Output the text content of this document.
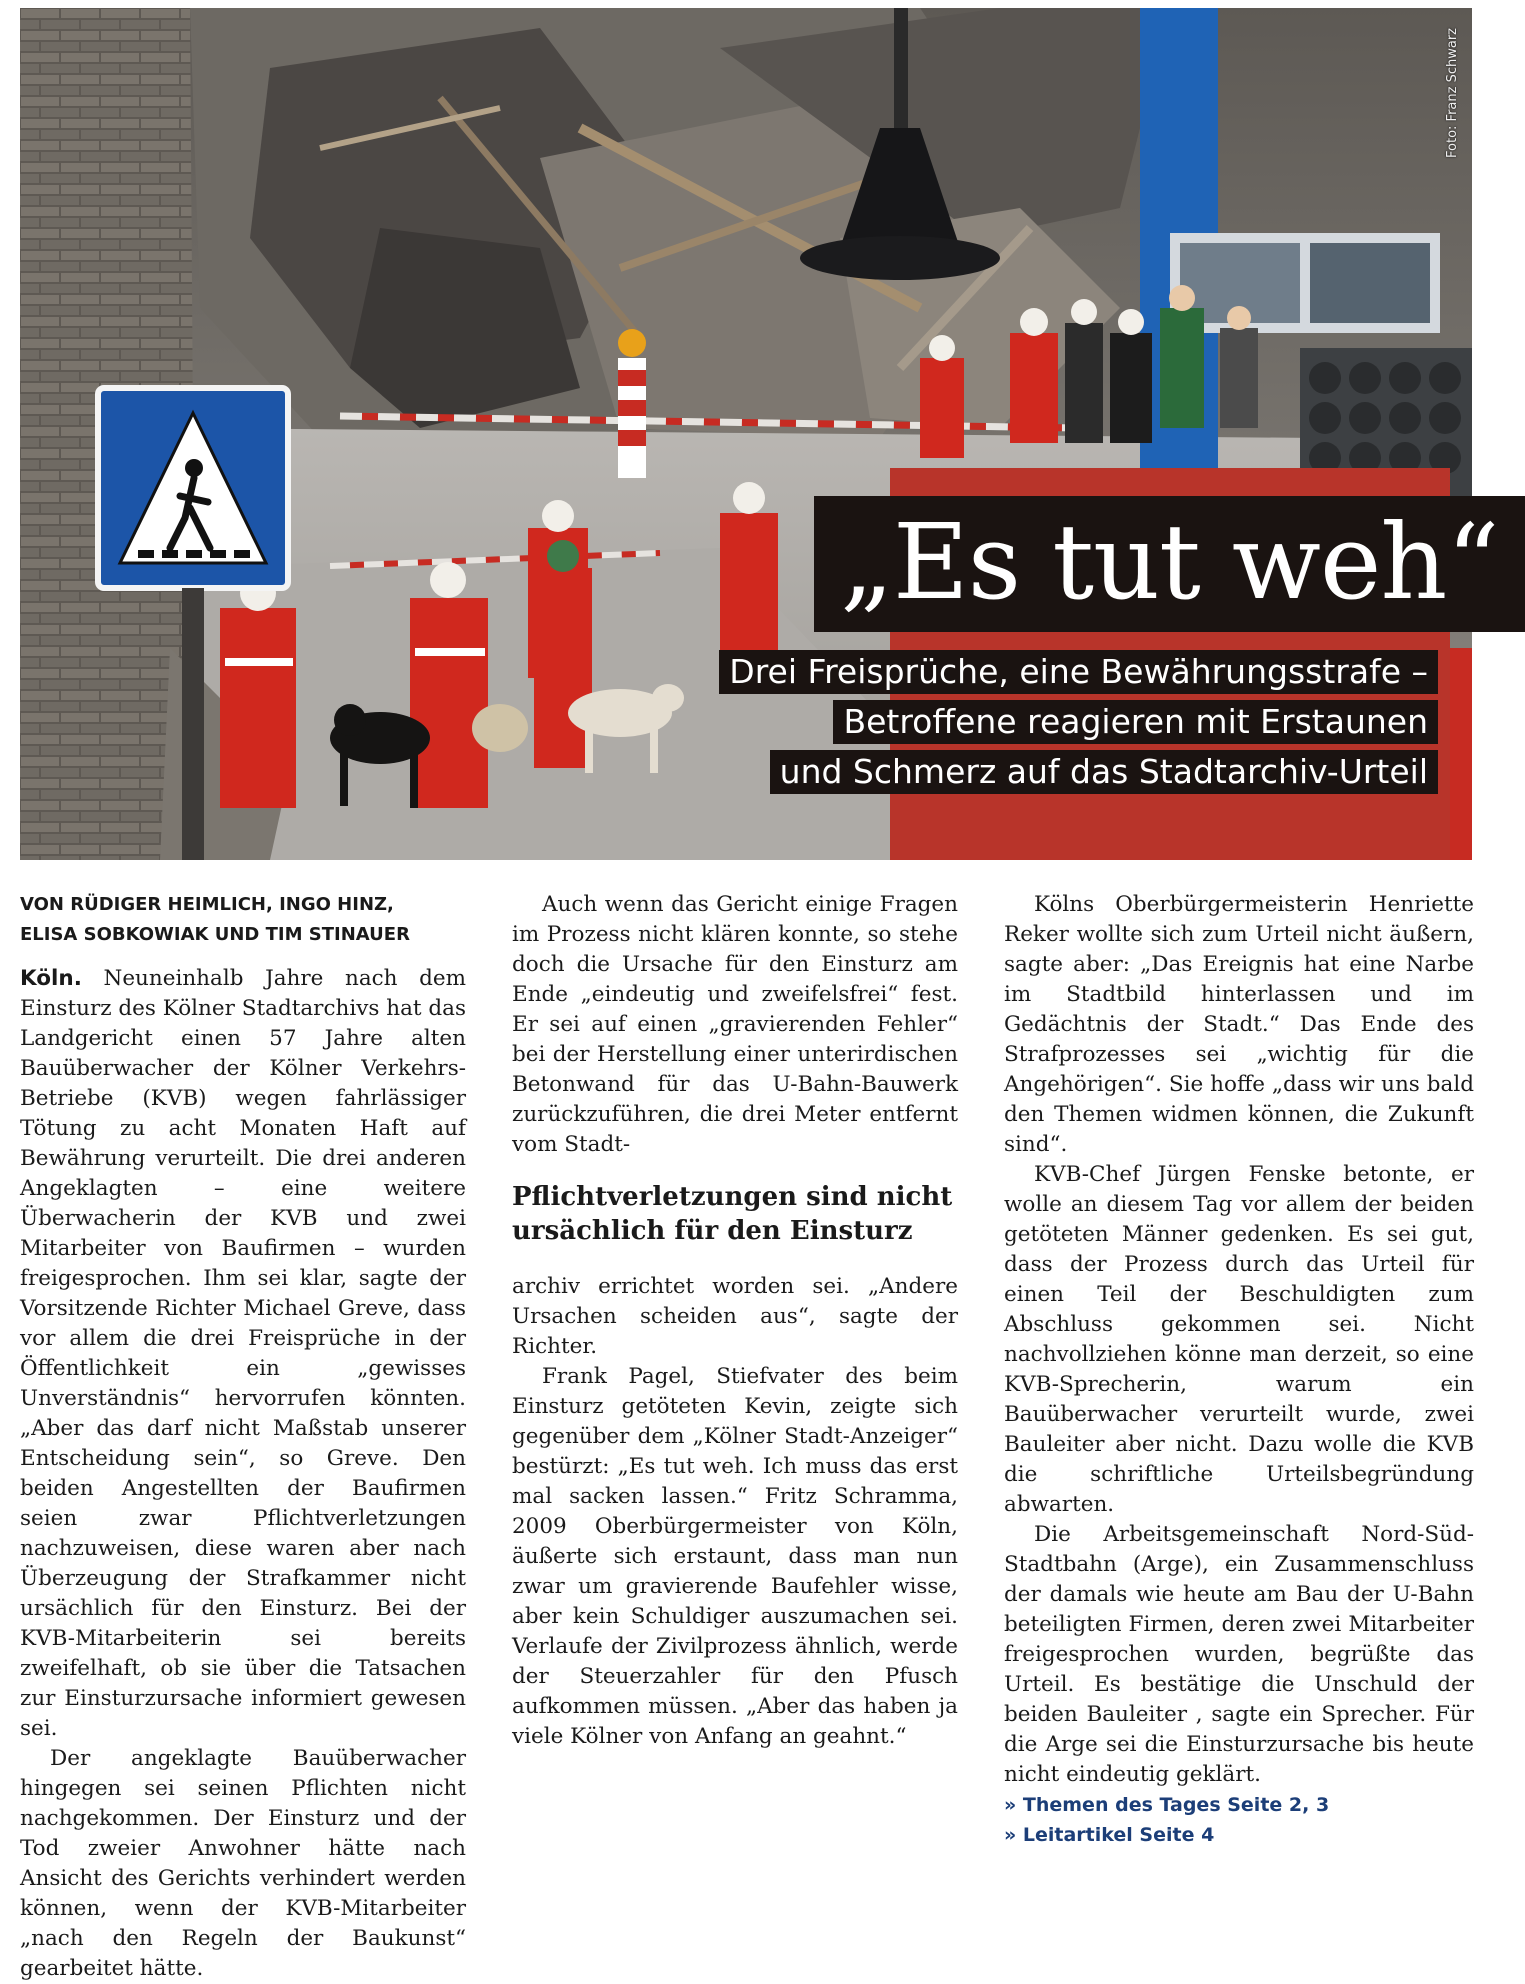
Foto: Franz Schwarz
„Es tut weh“
Drei Freisprüche, eine Bewährungsstrafe –
Betroffene reagieren mit Erstaunen
und Schmerz auf das Stadtarchiv-Urteil
VON RÜDIGER HEIMLICH, INGO HINZ,
ELISA SOBKOWIAK UND TIM STINAUER

Köln. Neuneinhalb Jahre nach dem Einsturz des Kölner Stadtarchivs hat das Landgericht einen 57 Jahre alten Bauüberwacher der Kölner Verkehrs-Betriebe (KVB) wegen fahrlässiger Tötung zu acht Monaten Haft auf Bewährung verurteilt. Die drei anderen Angeklagten – eine weitere Überwacherin der KVB und zwei Mitarbeiter von Baufirmen – wurden freigesprochen. Ihm sei klar, sagte der Vorsitzende Richter Michael Greve, dass vor allem die drei Freisprüche in der Öffentlichkeit ein „gewisses Unverständnis“ hervorrufen könnten. „Aber das darf nicht Maßstab unserer Entscheidung sein“, so Greve. Den beiden Angestellten der Baufirmen seien zwar Pflichtverletzungen nachzuweisen, diese waren aber nach Überzeugung der Strafkammer nicht ursächlich für den Einsturz. Bei der KVB-Mitarbeiterin sei bereits zweifelhaft, ob sie über die Tatsachen zur Einsturzursache informiert gewesen sei.

Der angeklagte Bauüberwacher hingegen sei seinen Pflichten nicht nachgekommen. Der Einsturz und der Tod zweier Anwohner hätte nach Ansicht des Gerichts verhindert werden können, wenn der KVB-Mitarbeiter „nach den Regeln der Baukunst“ gearbeitet hätte.

Auch wenn das Gericht einige Fragen im Prozess nicht klären konnte, so stehe doch die Ursache für den Einsturz am Ende „eindeutig und zweifelsfrei“ fest. Er sei auf einen „gravierenden Fehler“ bei der Herstellung einer unterirdischen Betonwand für das U-Bahn-Bauwerk zurückzuführen, die drei Meter entfernt vom Stadt-

Pflichtverletzungen sind nicht ursächlich für den Einsturz

archiv errichtet worden sei. „Andere Ursachen scheiden aus“, sagte der Richter.

Frank Pagel, Stiefvater des beim Einsturz getöteten Kevin, zeigte sich gegenüber dem „Kölner Stadt-Anzeiger“ bestürzt: „Es tut weh. Ich muss das erst mal sacken lassen.“ Fritz Schramma, 2009 Oberbürgermeister von Köln, äußerte sich erstaunt, dass man nun zwar um gravierende Baufehler wisse, aber kein Schuldiger auszumachen sei. Verlaufe der Zivilprozess ähnlich, werde der Steuerzahler für den Pfusch aufkommen müssen. „Aber das haben ja viele Kölner von Anfang an geahnt.“

Kölns Oberbürgermeisterin Henriette Reker wollte sich zum Urteil nicht äußern, sagte aber: „Das Ereignis hat eine Narbe im Stadtbild hinterlassen und im Gedächtnis der Stadt.“ Das Ende des Strafprozesses sei „wichtig für die Angehörigen“. Sie hoffe „dass wir uns bald den Themen widmen können, die Zukunft sind“.

KVB-Chef Jürgen Fenske betonte, er wolle an diesem Tag vor allem der beiden getöteten Männer gedenken. Es sei gut, dass der Prozess durch das Urteil für einen Teil der Beschuldigten zum Abschluss gekommen sei. Nicht nachvollziehen könne man derzeit, so eine KVB-Sprecherin, warum ein Bauüberwacher verurteilt wurde, zwei Bauleiter aber nicht. Dazu wolle die KVB die schriftliche Urteilsbegründung abwarten.

Die Arbeitsgemeinschaft Nord-Süd-Stadtbahn (Arge), ein Zusammenschluss der damals wie heute am Bau der U-Bahn beteiligten Firmen, deren zwei Mitarbeiter freigesprochen wurden, begrüßte das Urteil. Es bestätige die Unschuld der beiden Bauleiter , sagte ein Sprecher. Für die Arge sei die Einsturzursache bis heute nicht eindeutig geklärt.

» Themen des Tages Seite 2, 3
» Leitartikel Seite 4
